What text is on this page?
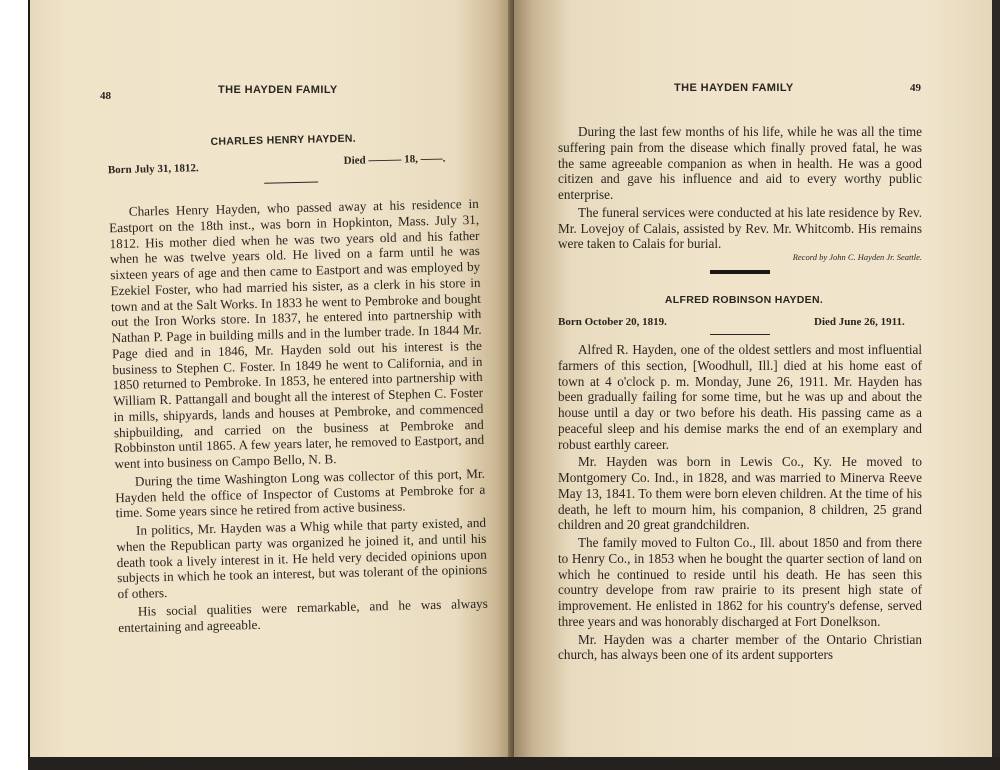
48	THE HAYDEN FAMILY
CHARLES HENRY HAYDEN.
Born July 31, 1812.
Died ——— 18, ——.

Charles Henry Hayden, who passed away at his residence in Eastport on the 18th inst., was born in Hopkinton, Mass. July 31, 1812. His mother died when he was two years old and his father when he was twelve years old. He lived on a farm until he was sixteen years of age and then came to Eastport and was employed by Ezekiel Foster, who had married his sister, as a clerk in his store in town and at the Salt Works. In 1833 he went to Pembroke and bought out the Iron Works store. In 1837, he entered into partnership with Nathan P. Page in building mills and in the lumber trade. In 1844 Mr. Page died and in 1846, Mr. Hayden sold out his interest is the business to Stephen C. Foster. In 1849 he went to California, and in 1850 returned to Pembroke. In 1853, he entered into partnership with William R. Pattangall and bought all the interest of Stephen C. Foster in mills, shipyards, lands and houses at Pembroke, and commenced shipbuilding, and carried on the business at Pembroke and Robbinston until 1865. A few years later, he removed to Eastport, and went into business on Campo Bello, N. B.

During the time Washington Long was collector of this port, Mr. Hayden held the office of Inspector of Customs at Pembroke for a time. Some years since he retired from active business.

In politics, Mr. Hayden was a Whig while that party existed, and when the Republican party was organized he joined it, and until his death took a lively interest in it. He held very decided opinions upon subjects in which he took an interest, but was tolerant of the opinions of others.

His social qualities were remarkable, and he was always entertaining and agreeable.

THE HAYDEN FAMILY	49

During the last few months of his life, while he was all the time suffering pain from the disease which finally proved fatal, he was the same agreeable companion as when in health. He was a good citizen and gave his influence and aid to every worthy public enterprise.

The funeral services were conducted at his late residence by Rev. Mr. Lovejoy of Calais, assisted by Rev. Mr. Whitcomb. His remains were taken to Calais for burial.

Record by John C. Hayden Jr. Seattle.
ALFRED ROBINSON HAYDEN.
Born October 20, 1819.	Died June 26, 1911.

Alfred R. Hayden, one of the oldest settlers and most influential farmers of this section, [Woodhull, Ill.] died at his home east of town at 4 o'clock p. m. Monday, June 26, 1911. Mr. Hayden has been gradually failing for some time, but he was up and about the house until a day or two before his death. His passing came as a peaceful sleep and his demise marks the end of an exemplary and robust earthly career.

Mr. Hayden was born in Lewis Co., Ky. He moved to Montgomery Co. Ind., in 1828, and was married to Minerva Reeve May 13, 1841. To them were born eleven children. At the time of his death, he left to mourn him, his companion, 8 children, 25 grand children and 20 great grandchildren.

The family moved to Fulton Co., Ill. about 1850 and from there to Henry Co., in 1853 when he bought the quarter section of land on which he continued to reside until his death. He has seen this country develope from raw prairie to its present high state of improvement. He enlisted in 1862 for his country's defense, served three years and was honorably discharged at Fort Donelkson.

Mr. Hayden was a charter member of the Ontario Christian church, has always been one of its ardent supporters
